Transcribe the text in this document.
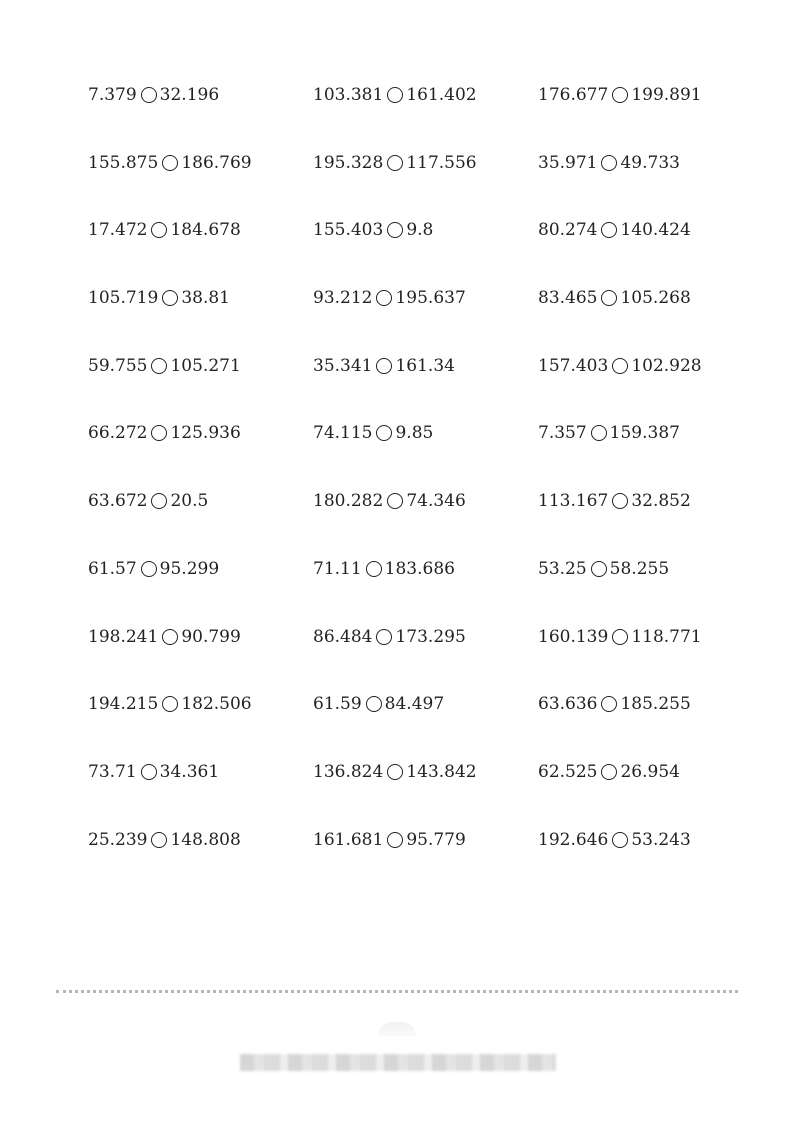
7.379 32.196	103.381 161.402	176.677 199.891
155.875 186.769	195.328 117.556	35.971 49.733
17.472 184.678	155.403 9.8	80.274 140.424
105.719 38.81	93.212 195.637	83.465 105.268
59.755 105.271	35.341 161.34	157.403 102.928
66.272 125.936	74.115 9.85	7.357 159.387
63.672 20.5	180.282 74.346	113.167 32.852
61.57 95.299	71.11 183.686	53.25 58.255
198.241 90.799	86.484 173.295	160.139 118.771
194.215 182.506	61.59 84.497	63.636 185.255
73.71 34.361	136.824 143.842	62.525 26.954
25.239 148.808	161.681 95.779	192.646 53.243
